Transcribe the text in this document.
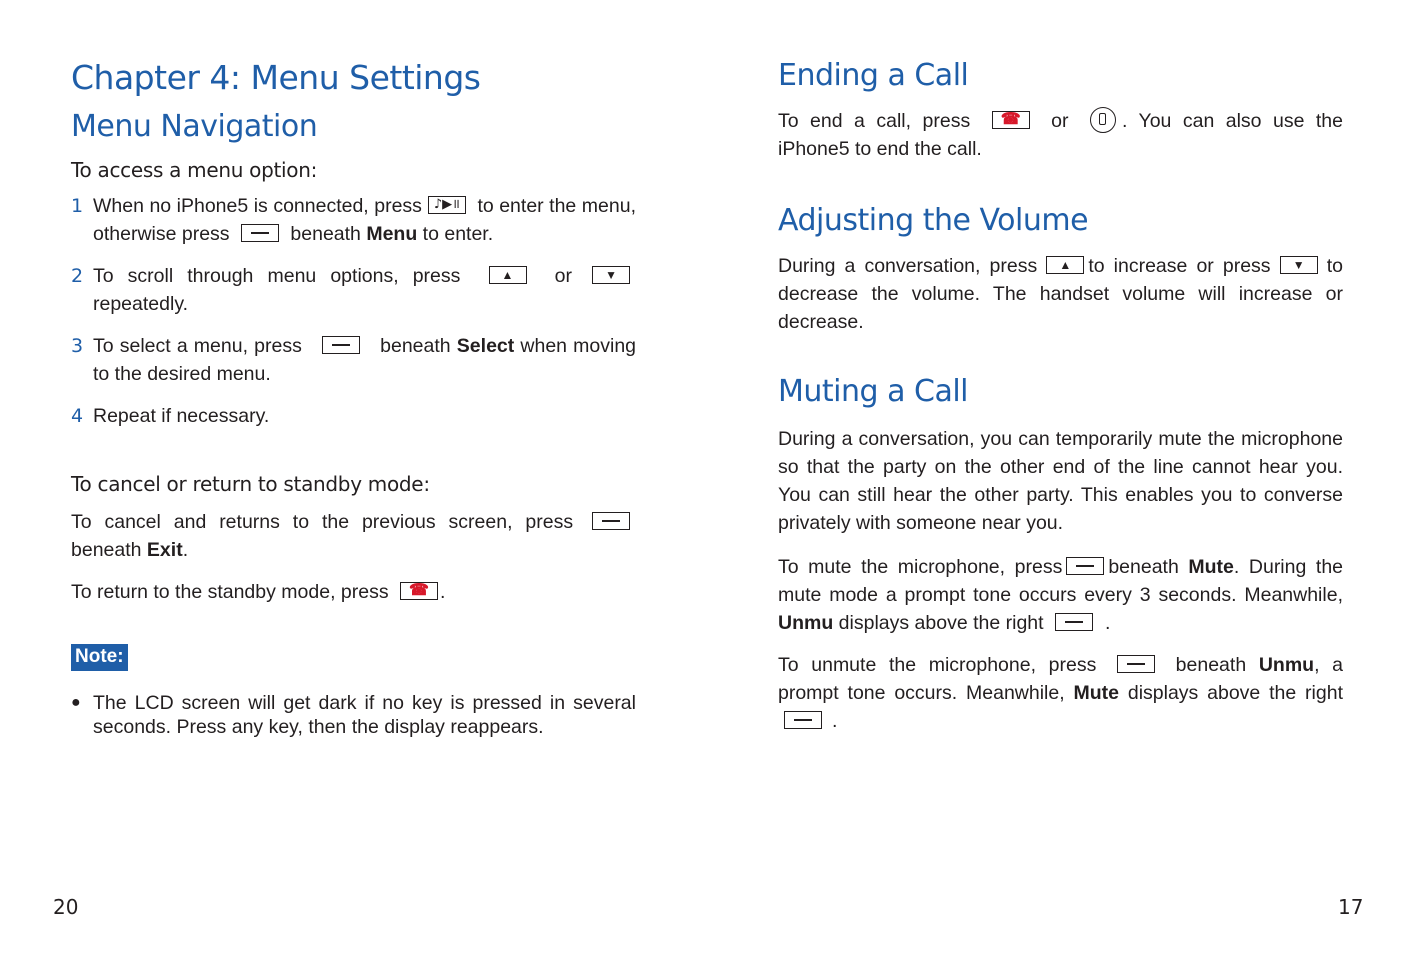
Chapter 4: Menu Settings
Menu Navigation
To access a menu option:
1 When no iPhone5 is connected, press ♪▶॥ to enter the menu, otherwise press	beneath Menu to enter.
2 To scroll through menu options, press	▲ or	▼
repeatedly.
3 To select a menu, press	beneath Select when moving to the desired menu.
4 Repeat if necessary.
To cancel or return to standby mode:

To cancel and returns to the previous screen, press
beneath Exit.

To return to the standby mode, press ☎ .

Note:
● The LCD screen will get dark if no key is pressed in several seconds. Press any key, then the display reappears.
20
Ending a Call

To end a call, press ☎ or	. You can also use the iPhone5 to end the call.

Adjusting the Volume

During a conversation, press ▲ to increase or press ▼ to decrease the volume. The handset volume will increase or decrease.

Muting a Call

During a conversation, you can temporarily mute the microphone so that the party on the other end of the line cannot hear you. You can still hear the other party. This enables you to converse privately with someone near you.

To mute the microphone, press beneath Mute. During the mute mode a prompt tone occurs every 3 seconds. Meanwhile, Unmu displays above the right	.

To unmute the microphone, press	beneath Unmu, a prompt tone occurs. Meanwhile, Mute displays above the right
.

17
